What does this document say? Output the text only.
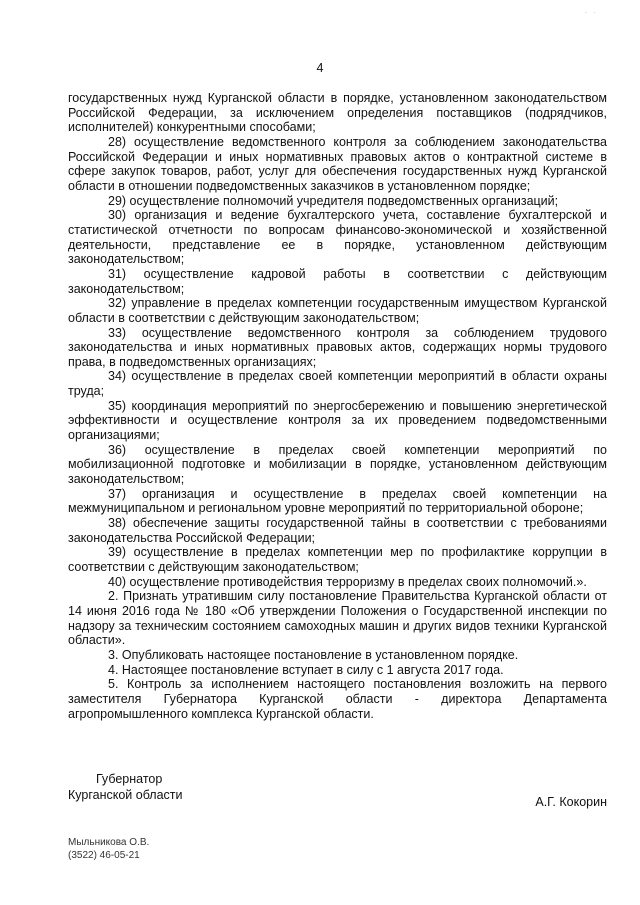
· ·
4

государственных нужд Курганской области в порядке, установленном законодательством Российской Федерации, за исключением определения поставщиков (подрядчиков, исполнителей) конкурентными способами;

28) осуществление ведомственного контроля за соблюдением законодательства Российской Федерации и иных нормативных правовых актов о контрактной системе в сфере закупок товаров, работ, услуг для обеспечения государственных нужд Курганской области в отношении подведомственных заказчиков в установленном порядке;

29) осуществление полномочий учредителя подведомственных организаций;

30) организация и ведение бухгалтерского учета, составление бухгалтерской и статистической отчетности по вопросам финансово-экономической и хозяйственной деятельности, представление ее в порядке, установленном действующим законодательством;

31) осуществление кадровой работы в соответствии с действующим законодательством;

32) управление в пределах компетенции государственным имуществом Курганской области в соответствии с действующим законодательством;

33) осуществление ведомственного контроля за соблюдением трудового законодательства и иных нормативных правовых актов, содержащих нормы трудового права, в подведомственных организациях;

34) осуществление в пределах своей компетенции мероприятий в области охраны труда;

35) координация мероприятий по энергосбережению и повышению энергетической эффективности и осуществление контроля за их проведением подведомственными организациями;

36) осуществление в пределах своей компетенции мероприятий по мобилизационной подготовке и мобилизации в порядке, установленном действующим законодательством;

37) организация и осуществление в пределах своей компетенции на межмуниципальном и региональном уровне мероприятий по территориальной обороне;

38) обеспечение защиты государственной тайны в соответствии с требованиями законодательства Российской Федерации;

39) осуществление в пределах компетенции мер по профилактике коррупции в соответствии с действующим законодательством;

40) осуществление противодействия терроризму в пределах своих полномочий.».

2. Признать утратившим силу постановление Правительства Курганской области от 14 июня 2016 года № 180 «Об утверждении Положения о Государственной инспекции по надзору за техническим состоянием самоходных машин и других видов техники Курганской области».

3. Опубликовать настоящее постановление в установленном порядке.

4. Настоящее постановление вступает в силу с 1 августа 2017 года.

5. Контроль за исполнением настоящего постановления возложить на первого заместителя Губернатора Курганской области - директора Департамента агропромышленного комплекса Курганской области.

Губернатор
Курганской области	А.Г. Кокорин
Мыльникова О.В.
(3522) 46-05-21
